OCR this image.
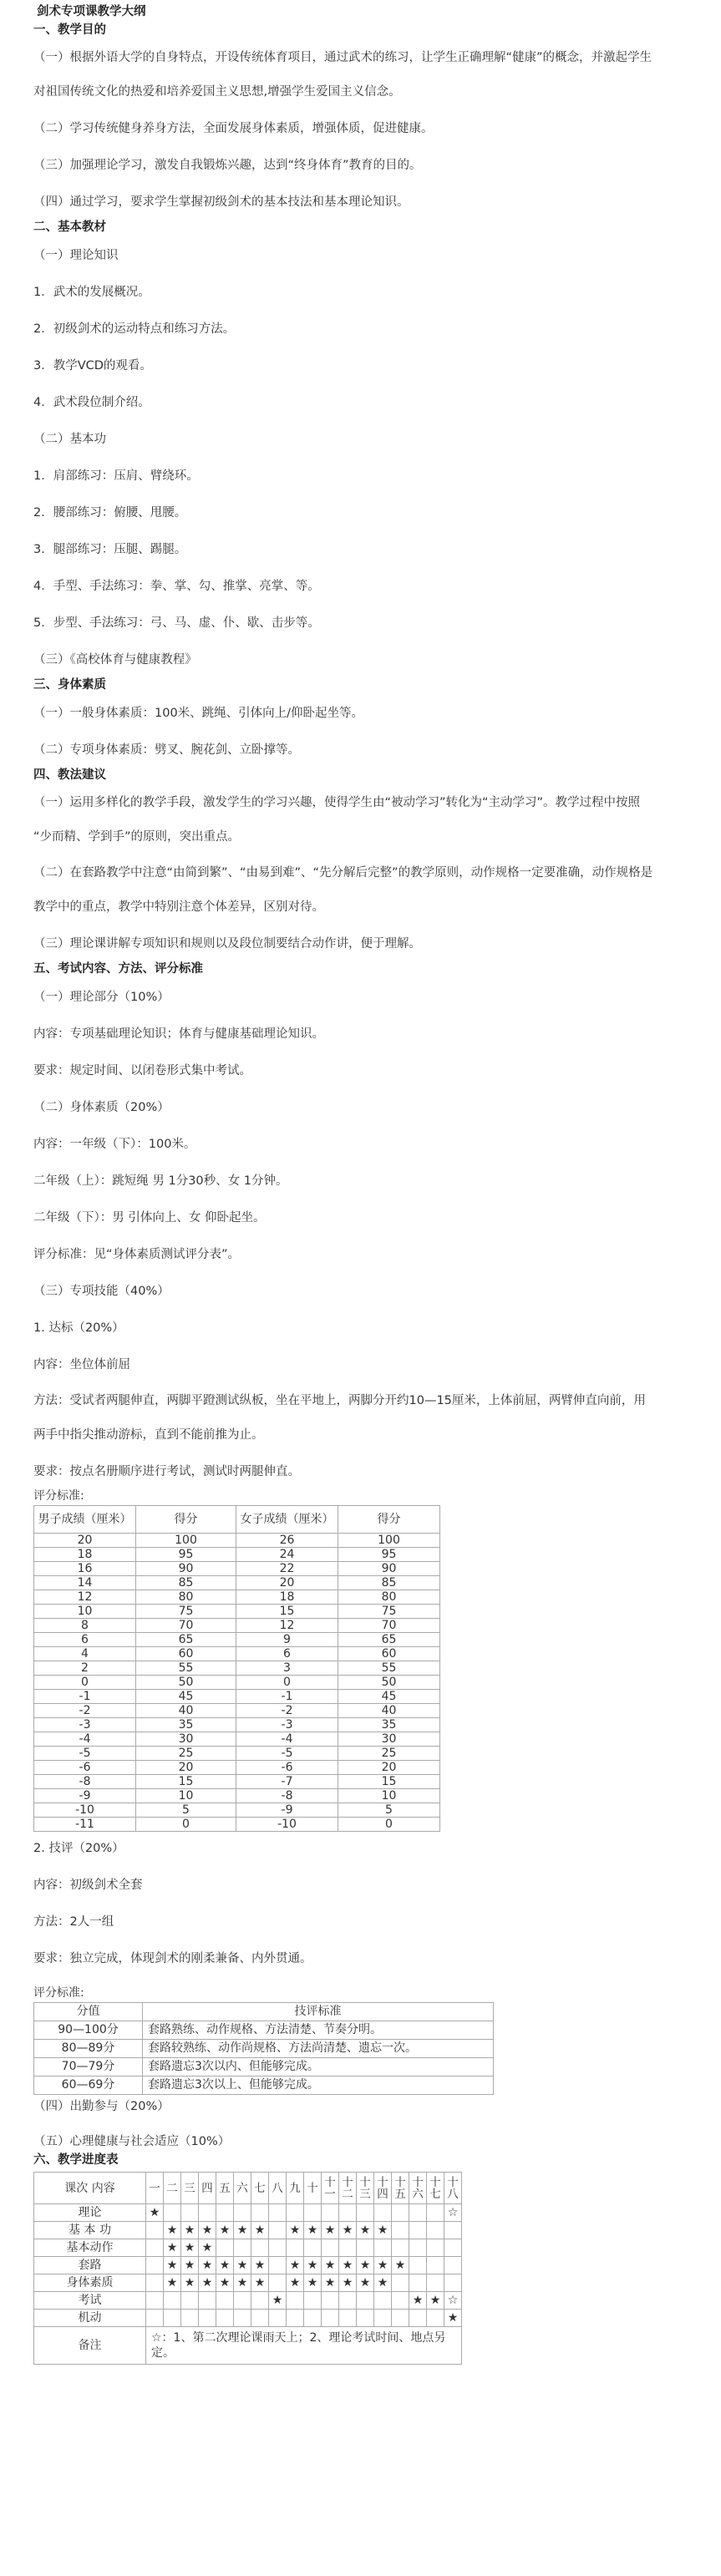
剑术专项课教学大纲
一、教学目的
（一）根据外语大学的自身特点，开设传统体育项目，通过武术的练习，让学生正确理解“健康”的概念，并激起学生
对祖国传统文化的热爱和培养爱国主义思想,增强学生爱国主义信念。
（二）学习传统健身养身方法，全面发展身体素质，增强体质，促进健康。
（三）加强理论学习，激发自我锻炼兴趣，达到“终身体育”教育的目的。
（四）通过学习，要求学生掌握初级剑术的基本技法和基本理论知识。
二、基本教材
（一）理论知识
1．武术的发展概况。
2．初级剑术的运动特点和练习方法。
3．教学VCD的观看。
4．武术段位制介绍。
（二）基本功
1．肩部练习：压肩、臂绕环。
2．腰部练习：俯腰、甩腰。
3．腿部练习：压腿、踢腿。
4．手型、手法练习：拳、掌、勾、推掌、亮掌、等。
5．步型、手法练习：弓、马、虚、仆、歇、击步等。
（三）《高校体育与健康教程》
三、身体素质
（一）一般身体素质：100米、跳绳、引体向上/仰卧起坐等。
（二）专项身体素质：劈叉、腕花剑、立卧撑等。
四、教法建议
（一）运用多样化的教学手段，激发学生的学习兴趣，使得学生由“被动学习”转化为“主动学习”。教学过程中按照
“少而精、学到手”的原则，突出重点。
（二）在套路教学中注意“由简到繁”、“由易到难”、“先分解后完整”的教学原则，动作规格一定要准确，动作规格是
教学中的重点，教学中特别注意个体差异，区别对待。
（三）理论课讲解专项知识和规则以及段位制要结合动作讲，便于理解。
五、考试内容、方法、评分标准
（一）理论部分（10%）
内容：专项基础理论知识；体育与健康基础理论知识。
要求：规定时间、以闭卷形式集中考试。
（二）身体素质（20%）
内容：一年级（下）：100米。
二年级（上）：跳短绳 男 1分30秒、女 1分钟。
二年级（下）：男 引体向上、女 仰卧起坐。
评分标准：见“身体素质测试评分表”。
（三）专项技能（40%）
1. 达标（20%）
内容：坐位体前屈
方法：受试者两腿伸直，两脚平蹬测试纵板，坐在平地上，两脚分开约10—15厘米，上体前屈，两臂伸直向前，用
两手中指尖推动游标，直到不能前推为止。
要求：按点名册顺序进行考试，测试时两腿伸直。
评分标准:
男子成绩（厘米）	得分	女子成绩（厘米）	得分
20	100	26	100
18	95	24	95
16	90	22	90
14	85	20	85
12	80	18	80
10	75	15	75
8	70	12	70
6	65	9	65
4	60	6	60
2	55	3	55
0	50	0	50
-1	45	-1	45
-2	40	-2	40
-3	35	-3	35
-4	30	-4	30
-5	25	-5	25
-6	20	-6	20
-8	15	-7	15
-9	10	-8	10
-10	5	-9	5
-11	0	-10	0
2. 技评（20%）
内容：初级剑术全套
方法：2人一组
要求：独立完成，体现剑术的刚柔兼备、内外贯通。
评分标准:
分值	技评标准
90—100分	套路熟练、动作规格、方法清楚、节奏分明。
80—89分	套路较熟练、动作尚规格、方法尚清楚、遗忘一次。
70—79分	套路遗忘3次以内、但能够完成。
60—69分	套路遗忘3次以上、但能够完成。
（四）出勤参与（20%）
（五）心理健康与社会适应（10%）
六、教学进度表
课次 内容	一	二	三	四	五	六	七	八	九	十	十一	十二	十三	十四	十五	十六	十七	十八
理论	★																	☆
基 本 功		★	★	★	★	★	★		★	★	★	★	★	★				
基本动作		★	★	★														
套路		★	★	★	★	★	★		★	★	★	★	★	★	★			
身体素质		★	★	★	★	★	★		★	★	★	★	★	★				
考试								★								★	★	☆
机动																		★
备注	☆：1、第二次理论课雨天上；2、理论考试时间、地点另定。																	
